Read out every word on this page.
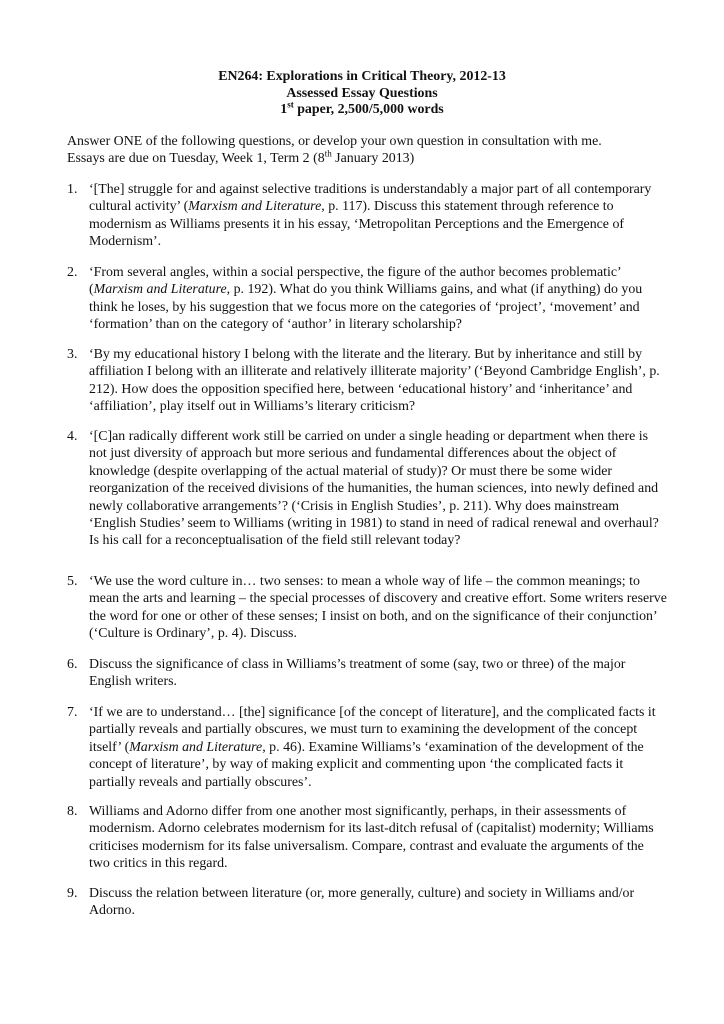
EN264: Explorations in Critical Theory, 2012-13
Assessed Essay Questions
1st paper, 2,500/5,000 words

Answer ONE of the following questions, or develop your own question in consultation with me.

Essays are due on Tuesday, Week 1, Term 2 (8th January 2013)

1. ‘[The] struggle for and against selective traditions is understandably a major part of all contemporary cultural activity’ (Marxism and Literature, p. 117). Discuss this statement through reference to modernism as Williams presents it in his essay, ‘Metropolitan Perceptions and the Emergence of Modernism’.
2. ‘From several angles, within a social perspective, the figure of the author becomes problematic’ (Marxism and Literature, p. 192). What do you think Williams gains, and what (if anything) do you think he loses, by his suggestion that we focus more on the categories of ‘project’, ‘movement’ and ‘formation’ than on the category of ‘author’ in literary scholarship?
3. ‘By my educational history I belong with the literate and the literary. But by inheritance and still by affiliation I belong with an illiterate and relatively illiterate majority’ (‘Beyond Cambridge English’, p. 212). How does the opposition specified here, between ‘educational history’ and ‘inheritance’ and ‘affiliation’, play itself out in Williams’s literary criticism?
4. ‘[C]an radically different work still be carried on under a single heading or department when there is not just diversity of approach but more serious and fundamental differences about the object of knowledge (despite overlapping of the actual material of study)? Or must there be some wider reorganization of the received divisions of the humanities, the human sciences, into newly defined and newly collaborative arrangements’? (‘Crisis in English Studies’, p. 211). Why does mainstream ‘English Studies’ seem to Williams (writing in 1981) to stand in need of radical renewal and overhaul? Is his call for a reconceptualisation of the field still relevant today?
5. ‘We use the word culture in… two senses: to mean a whole way of life – the common meanings; to mean the arts and learning – the special processes of discovery and creative effort. Some writers reserve the word for one or other of these senses; I insist on both, and on the significance of their conjunction’ (‘Culture is Ordinary’, p. 4). Discuss.
6. Discuss the significance of class in Williams’s treatment of some (say, two or three) of the major English writers.
7. ‘If we are to understand… [the] significance [of the concept of literature], and the complicated facts it partially reveals and partially obscures, we must turn to examining the development of the concept itself’ (Marxism and Literature, p. 46). Examine Williams’s ‘examination of the development of the concept of literature’, by way of making explicit and commenting upon ‘the complicated facts it partially reveals and partially obscures’.
8. Williams and Adorno differ from one another most significantly, perhaps, in their assessments of modernism. Adorno celebrates modernism for its last-ditch refusal of (capitalist) modernity; Williams criticises modernism for its false universalism. Compare, contrast and evaluate the arguments of the two critics in this regard.
9. Discuss the relation between literature (or, more generally, culture) and society in Williams and/or Adorno.
